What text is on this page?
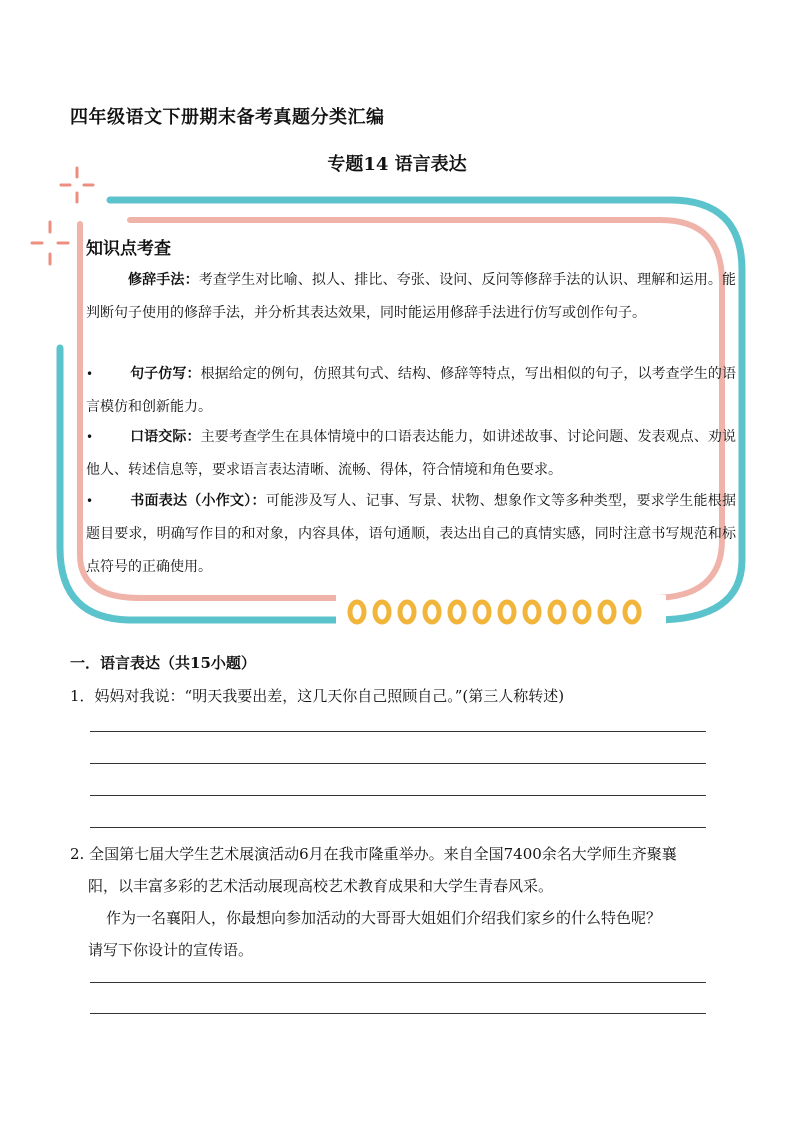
四年级语文下册期末备考真题分类汇编
专题14 语言表达
知识点考查
修辞手法：考查学生对比喻、拟人、排比、夸张、设问、反问等修辞手法的认识、理解和运用。能判断句子使用的修辞手法，并分析其表达效果，同时能运用修辞手法进行仿写或创作句子。
•句子仿写：根据给定的例句，仿照其句式、结构、修辞等特点，写出相似的句子，以考查学生的语言模仿和创新能力。
•口语交际：主要考查学生在具体情境中的口语表达能力，如讲述故事、讨论问题、发表观点、劝说他人、转述信息等，要求语言表达清晰、流畅、得体，符合情境和角色要求。
•书面表达（小作文）：可能涉及写人、记事、写景、状物、想象作文等多种类型，要求学生能根据题目要求，明确写作目的和对象，内容具体，语句通顺，表达出自己的真情实感，同时注意书写规范和标点符号的正确使用。
一．语言表达（共15小题）
1．妈妈对我说：“明天我要出差，这几天你自己照顾自己。”(第三人称转述)
2. 全国第七届大学生艺术展演活动6月在我市隆重举办。来自全国7400余名大学师生齐聚襄
阳，以丰富多彩的艺术活动展现高校艺术教育成果和大学生青春风采。
作为一名襄阳人，你最想向参加活动的大哥哥大姐姐们介绍我们家乡的什么特色呢？
请写下你设计的宣传语。
